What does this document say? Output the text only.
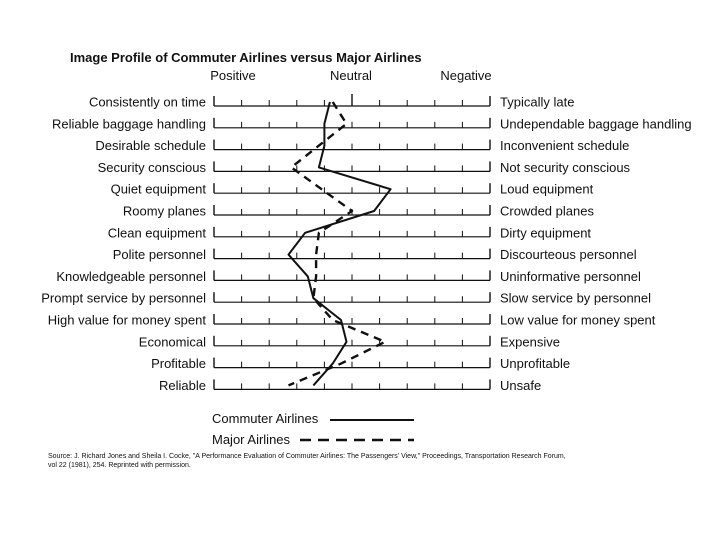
Image Profile of Commuter Airlines versus Major Airlines
Positive	Neutral	Negative
Consistently on time	Typically late
Reliable baggage handling	Undependable baggage handling
Desirable schedule	Inconvenient schedule
Security conscious	Not security conscious
Quiet equipment	Loud equipment
Roomy planes	Crowded planes
Clean equipment	Dirty equipment
Polite personnel	Discourteous personnel
Knowledgeable personnel	Uninformative personnel
Prompt service by personnel	Slow service by personnel
High value for money spent	Low value for money spent
Economical	Expensive
Profitable	Unprofitable
Reliable	Unsafe
Commuter Airlines
Major Airlines
Source: J. Richard Jones and Sheila I. Cocke, "A Performance Evaluation of Commuter Airlines: The Passengers' View," Proceedings, Transportation Research Forum, vol 22 (1981), 254. Reprinted with permission.
